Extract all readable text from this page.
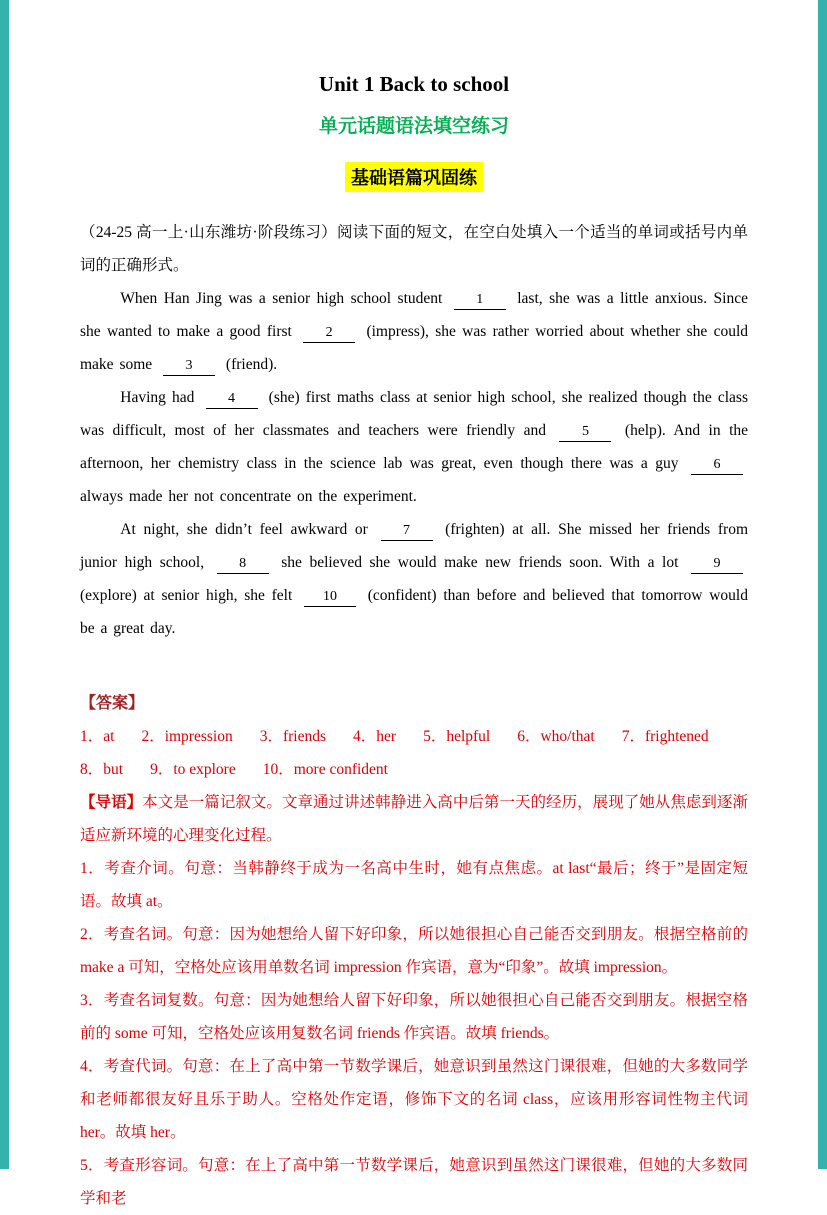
Unit 1 Back to school
单元话题语法填空练习
基础语篇巩固练

（24-25 高一上·山东潍坊·阶段练习）阅读下面的短文，在空白处填入一个适当的单词或括号内单词的正确形式。

When Han Jing was a senior high school student 1 last, she was a little anxious. Since she wanted to make a good first 2 (impress), she was rather worried about whether she could make some 3 (friend).

Having had 4 (she) first maths class at senior high school, she realized though the class was difficult, most of her classmates and teachers were friendly and 5 (help). And in the afternoon, her chemistry class in the science lab was great, even though there was a guy 6 always made her not concentrate on the experiment.

At night, she didn’t feel awkward or 7 (frighten) at all. She missed her friends from junior high school, 8 she believed she would make new friends soon. With a lot 9 (explore) at senior high, she felt 10 (confident) than before and believed that tomorrow would be a great day.

【答案】

1．at 2．impression 3．friends 4．her 5．helpful 6．who/that 7．frightened8．but 9．to explore 10．more confident

【导语】本文是一篇记叙文。文章通过讲述韩静进入高中后第一天的经历，展现了她从焦虑到逐渐适应新环境的心理变化过程。

1．考查介词。句意：当韩静终于成为一名高中生时，她有点焦虑。at last“最后；终于”是固定短语。故填 at。

2．考查名词。句意：因为她想给人留下好印象，所以她很担心自己能否交到朋友。根据空格前的 make a 可知，空格处应该用单数名词 impression 作宾语，意为“印象”。故填 impression。

3．考查名词复数。句意：因为她想给人留下好印象，所以她很担心自己能否交到朋友。根据空格前的 some 可知，空格处应该用复数名词 friends 作宾语。故填 friends。

4．考查代词。句意：在上了高中第一节数学课后，她意识到虽然这门课很难，但她的大多数同学和老师都很友好且乐于助人。空格处作定语，修饰下文的名词 class，应该用形容词性物主代词 her。故填 her。

5．考查形容词。句意：在上了高中第一节数学课后，她意识到虽然这门课很难，但她的大多数同学和老
